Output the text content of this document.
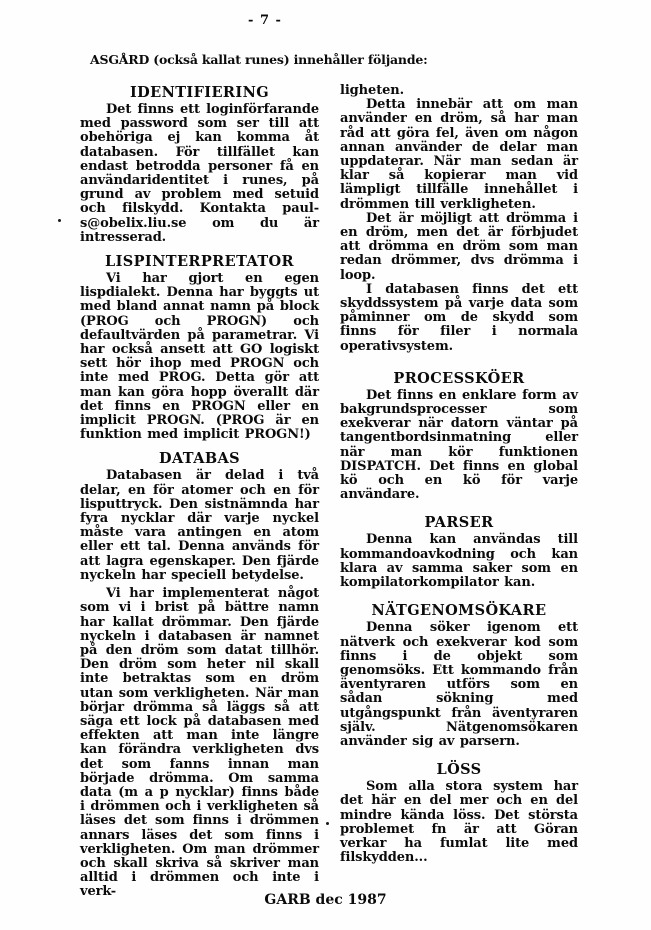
- 7 -
ASGÅRD (också kallat runes) innehåller följande:
IDENTIFIERING

Det finns ett loginförfarande med password som ser till att obehöriga ej kan komma åt databasen. För tillfället kan endast betrodda personer få en användaridentitet i runes, på grund av problem med setuid och filskydd. Kontakta paul-s@obelix.liu.se om du är intresserad.

LISPINTERPRETATOR

Vi har gjort en egen lispdialekt. Denna har byggts ut med bland annat namn på block (PROG och PROGN) och defaultvärden på parametrar. Vi har också ansett att GO logiskt sett hör ihop med PROGN och inte med PROG. Detta gör att man kan göra hopp överallt där det finns en PROGN eller en implicit PROGN. (PROG är en funktion med implicit PROGN!)

DATABAS

Databasen är delad i två delar, en för atomer och en för lisputtryck. Den sistnämnda har fyra nycklar där varje nyckel måste vara antingen en atom eller ett tal. Denna används för att lagra egenskaper. Den fjärde nyckeln har speciell betydelse.

Vi har implementerat något som vi i brist på bättre namn har kallat drömmar. Den fjärde nyckeln i databasen är namnet på den dröm som datat tillhör. Den dröm som heter nil skall inte betraktas som en dröm utan som verkligheten. När man börjar drömma så läggs så att säga ett lock på databasen med effekten att man inte längre kan förändra verkligheten dvs det som fanns innan man började drömma. Om samma data (m a p nycklar) finns både i drömmen och i verkligheten så läses det som finns i drömmen annars läses det som finns i verkligheten. Om man drömmer och skall skriva så skriver man alltid i drömmen och inte i verk-

ligheten.

Detta innebär att om man använder en dröm, så har man råd att göra fel, även om någon annan använder de delar man uppdaterar. När man sedan är klar så kopierar man vid lämpligt tillfälle innehållet i drömmen till verkligheten.

Det är möjligt att drömma i en dröm, men det är förbjudet att drömma en dröm som man redan drömmer, dvs drömma i loop.

I databasen finns det ett skyddssystem på varje data som påminner om de skydd som finns för filer i normala operativsystem.

PROCESSKÖER

Det finns en enklare form av bakgrundsprocesser som exekverar när datorn väntar på tangentbordsinmatning eller när man kör funktionen DISPATCH. Det finns en global kö och en kö för varje användare.

PARSER

Denna kan användas till kommandoavkodning och kan klara av samma saker som en kompilatorkompilator kan.

NÄTGENOMSÖKARE

Denna söker igenom ett nätverk och exekverar kod som finns i de objekt som genomsöks. Ett kommando från äventyraren utförs som en sådan sökning med utgångspunkt från äventyraren själv. Nätgenomsökaren använder sig av parsern.

LÖSS

Som alla stora system har det här en del mer och en del mindre kända löss. Det största problemet fn är att Göran verkar ha fumlat lite med filskydden...

GARB dec 1987
